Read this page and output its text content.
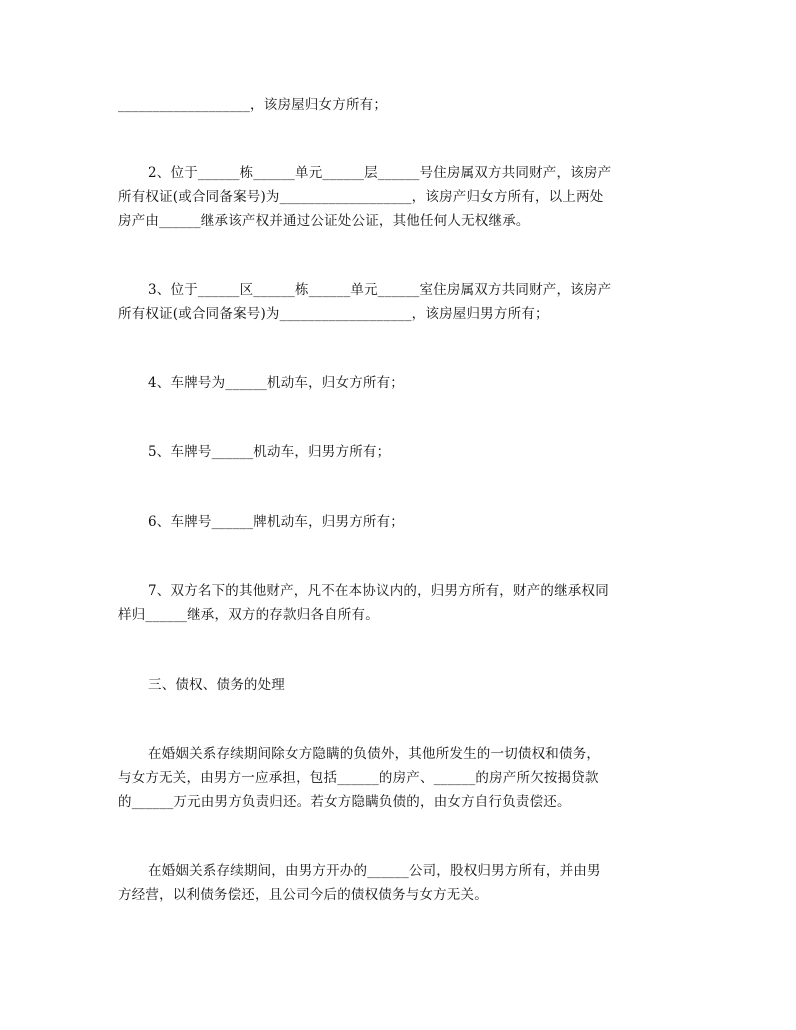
___________________，该房屋归女方所有；
2、位于______栋______单元______层______号住房属双方共同财产，该房产
所有权证(或合同备案号)为___________________，该房产归女方所有，以上两处
房产由______继承该产权并通过公证处公证，其他任何人无权继承。
3、位于______区______栋______单元______室住房属双方共同财产，该房产
所有权证(或合同备案号)为___________________，该房屋归男方所有；
4、车牌号为______机动车，归女方所有；
5、车牌号______机动车，归男方所有；
6、车牌号______牌机动车，归男方所有；
7、双方名下的其他财产，凡不在本协议内的，归男方所有，财产的继承权同
样归______继承，双方的存款归各自所有。
三、债权、债务的处理
在婚姻关系存续期间除女方隐瞒的负债外，其他所发生的一切债权和债务，
与女方无关，由男方一应承担，包括______的房产、______的房产所欠按揭贷款
的______万元由男方负责归还。若女方隐瞒负债的，由女方自行负责偿还。
在婚姻关系存续期间，由男方开办的______公司，股权归男方所有，并由男
方经营，以利债务偿还，且公司今后的债权债务与女方无关。
